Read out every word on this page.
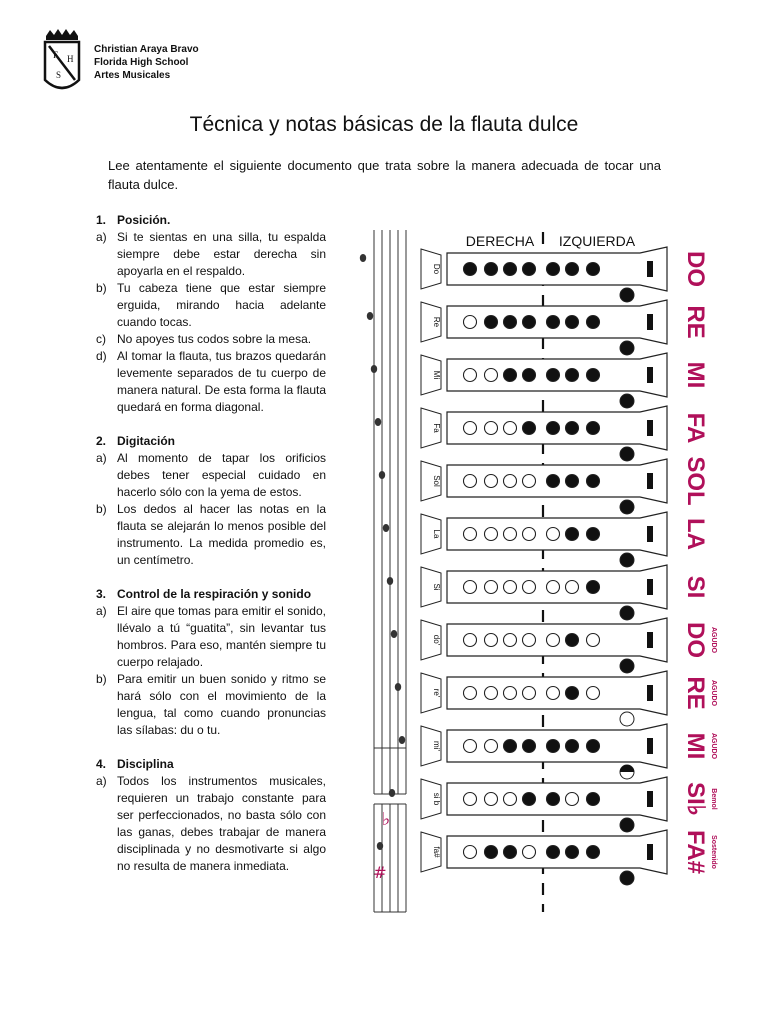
F H
S
Christian Araya Bravo
Florida High School
Artes Musicales
Técnica y notas básicas de la flauta dulce
Lee atentamente el siguiente documento que trata sobre la manera adecuada de tocar una flauta dulce.
1. Posición.
a) Si te sientas en una silla, tu espalda siempre debe estar derecha sin apoyarla en el respaldo.
b) Tu cabeza tiene que estar siempre erguida, mirando hacia adelante cuando tocas.
c) No apoyes tus codos sobre la mesa.
d) Al tomar la flauta, tus brazos quedarán levemente separados de tu cuerpo de manera natural. De esta forma la flauta quedará en forma diagonal.
2. Digitación
a) Al momento de tapar los orificios debes tener especial cuidado en hacerlo sólo con la yema de estos.
b) Los dedos al hacer las notas en la flauta se alejarán lo menos posible del instrumento. La medida promedio es, un centímetro.
3. Control de la respiración y sonido
a) El aire que tomas para emitir el sonido, llévalo a tú “guatita”, sin levantar tus hombros. Para eso, mantén siempre tu cuerpo relajado.
b) Para emitir un buen sonido y ritmo se hará sólo con el movimiento de la lengua, tal como cuando pronuncias las sílabas: du o tu.
4. Disciplina
a) Todos los instrumentos musicales, requieren un trabajo constante para ser perfeccionados, no basta sólo con las ganas, debes trabajar de manera disciplinada y no desmotivarte si algo no resulta de manera inmediata.
DERECHA IZQUIERDA
♭
#
Do	DO
Re	RE
Mi	MI
Fa	FA
Sol	SOL
La	LA
Si	SI
do'	DO AGUDO
re'	RE AGUDO
mi'	MI AGUDO
si b	SI♭ Bemol
fa#	FA# Sostenido
